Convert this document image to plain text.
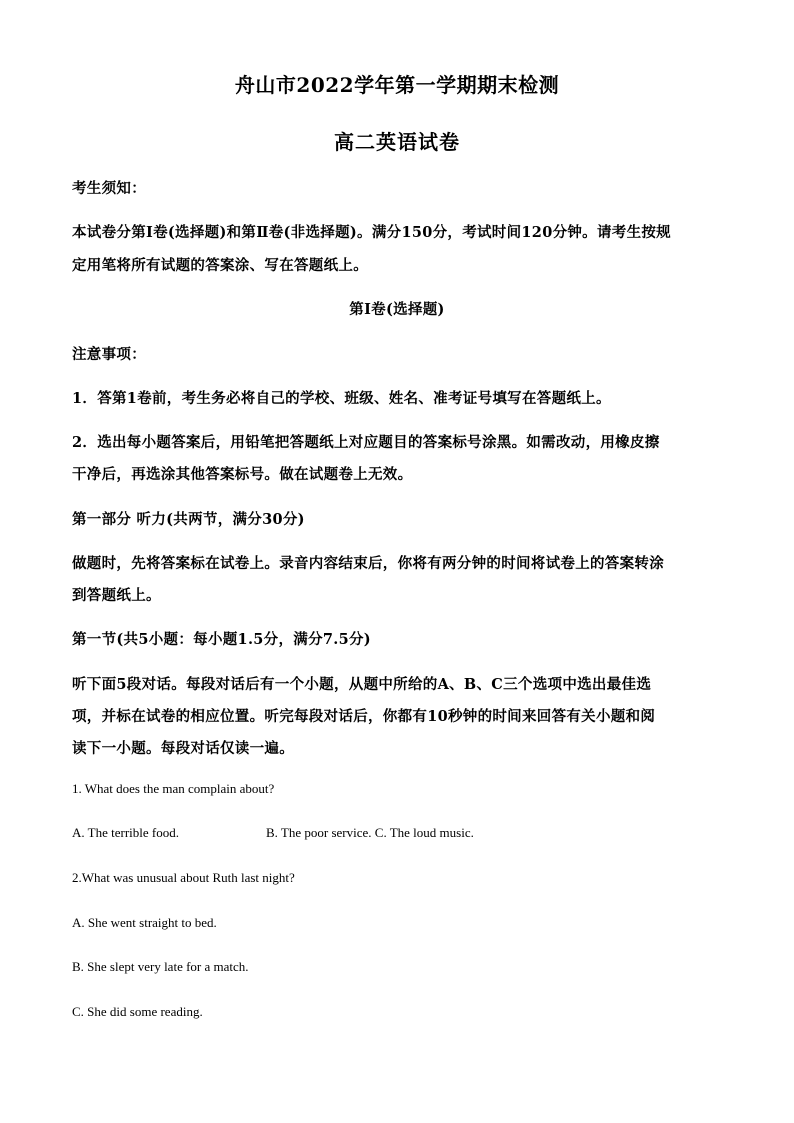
舟山市2022学年第一学期期末检测
高二英语试卷
考生须知：
本试卷分第Ⅰ卷(选择题)和第Ⅱ卷(非选择题)。满分150分，考试时间120分钟。请考生按规
定用笔将所有试题的答案涂、写在答题纸上。
第Ⅰ卷(选择题)
注意事项：
1．答第1卷前，考生务必将自己的学校、班级、姓名、准考证号填写在答题纸上。
2．选出每小题答案后，用铅笔把答题纸上对应题目的答案标号涂黑。如需改动，用橡皮擦
干净后，再选涂其他答案标号。做在试题卷上无效。
第一部分 听力(共两节，满分30分)
做题时，先将答案标在试卷上。录音内容结束后，你将有两分钟的时间将试卷上的答案转涂
到答题纸上。
第一节(共5小题：每小题1.5分，满分7.5分)
听下面5段对话。每段对话后有一个小题，从题中所给的A、B、C三个选项中选出最佳选
项，并标在试卷的相应位置。听完每段对话后，你都有10秒钟的时间来回答有关小题和阅
读下一小题。每段对话仅读一遍。
1. What does the man complain about?
A. The terrible food.	B. The poor service. C. The loud music.
2.What was unusual about Ruth last night?
A. She went straight to bed.
B. She slept very late for a match.
C. She did some reading.
